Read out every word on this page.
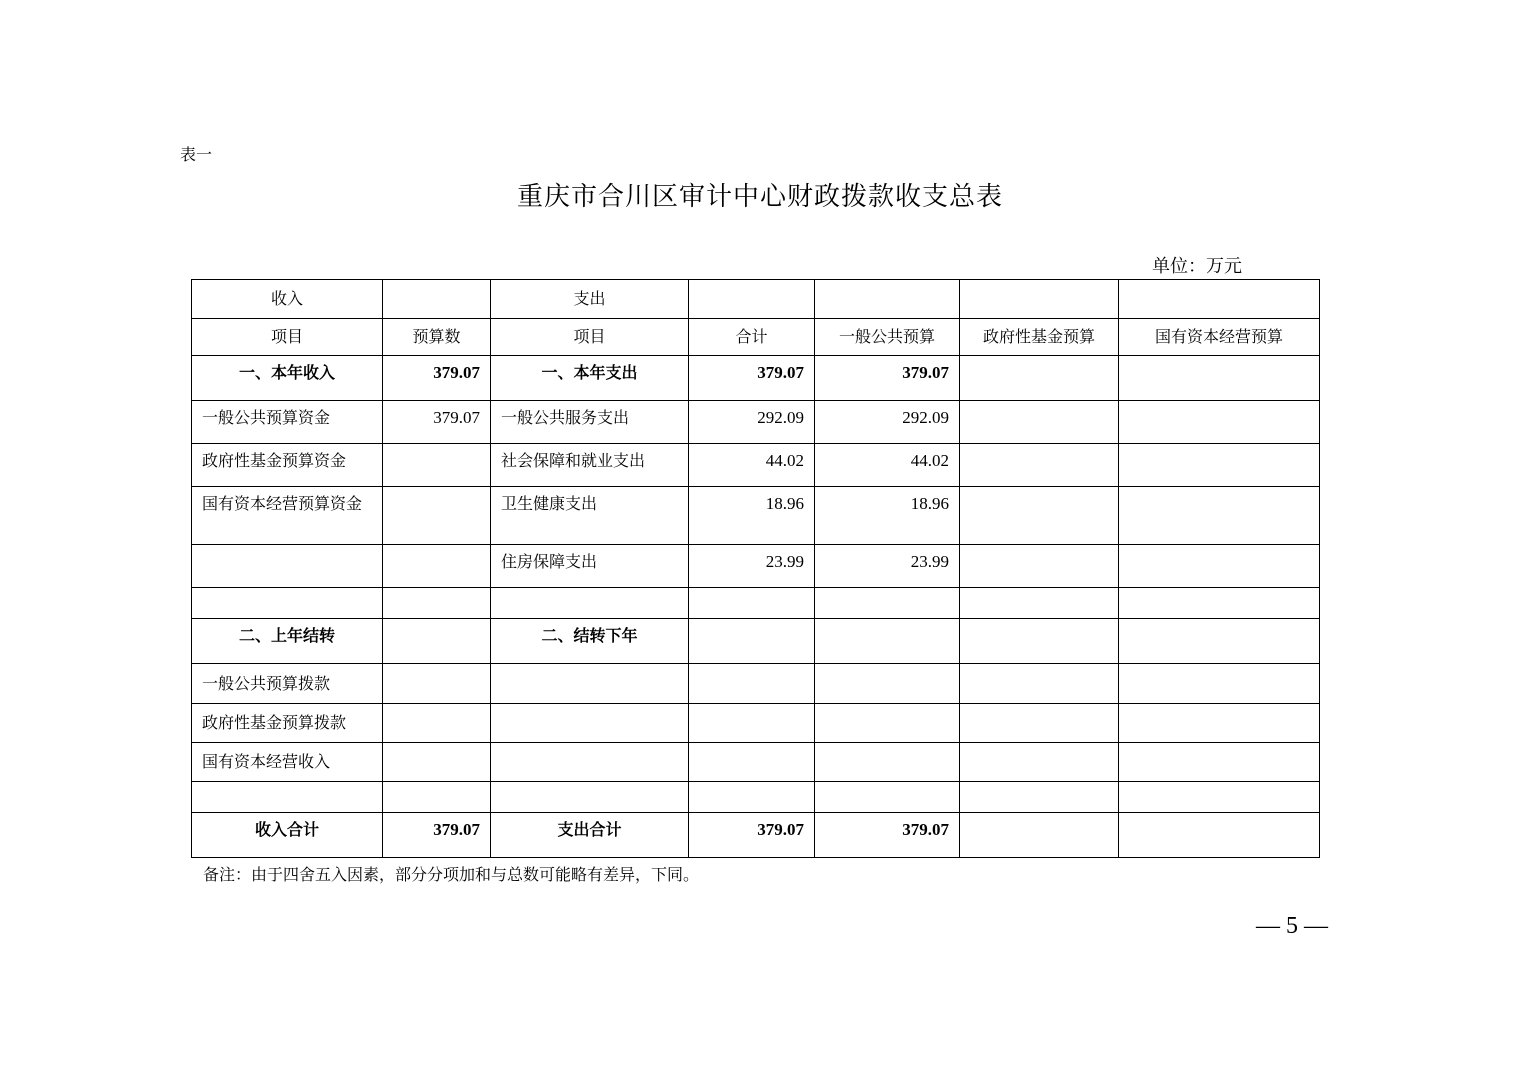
表一
重庆市合川区审计中心财政拨款收支总表
单位：万元
收入		支出				
项目	预算数	项目	合计	一般公共预算	政府性基金预算	国有资本经营预算
一、本年收入	379.07	一、本年支出	379.07	379.07		
一般公共预算资金	379.07	一般公共服务支出	292.09	292.09		
政府性基金预算资金		社会保障和就业支出	44.02	44.02		
国有资本经营预算资金		卫生健康支出	18.96	18.96		
		住房保障支出	23.99	23.99		

二、上年结转		二、结转下年				
一般公共预算拨款						
政府性基金预算拨款						
国有资本经营收入						

收入合计	379.07	支出合计	379.07	379.07		
备注：由于四舍五入因素，部分分项加和与总数可能略有差异，下同。
— 5 —
